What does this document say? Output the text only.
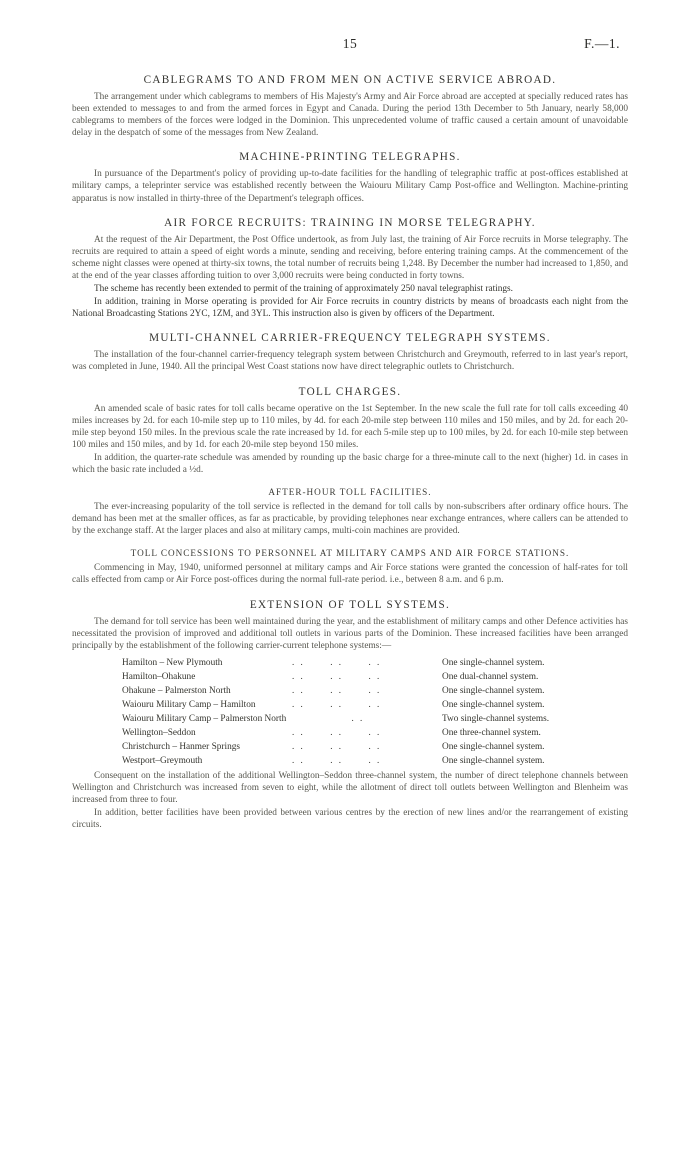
15	F.—1.
CABLEGRAMS TO AND FROM MEN ON ACTIVE SERVICE ABROAD.

The arrangement under which cablegrams to members of His Majesty's Army and Air Force abroad are accepted at specially reduced rates has been extended to messages to and from the armed forces in Egypt and Canada. During the period 13th December to 5th January, nearly 58,000 cablegrams to members of the forces were lodged in the Dominion. This unprecedented volume of traffic caused a certain amount of unavoidable delay in the despatch of some of the messages from New Zealand.

MACHINE-PRINTING TELEGRAPHS.

In pursuance of the Department's policy of providing up-to-date facilities for the handling of telegraphic traffic at post-offices established at military camps, a teleprinter service was established recently between the Waiouru Military Camp Post-office and Wellington. Machine-printing apparatus is now installed in thirty-three of the Department's telegraph offices.

AIR FORCE RECRUITS: TRAINING IN MORSE TELEGRAPHY.

At the request of the Air Department, the Post Office undertook, as from July last, the training of Air Force recruits in Morse telegraphy. The recruits are required to attain a speed of eight words a minute, sending and receiving, before entering training camps. At the commencement of the scheme night classes were opened at thirty-six towns, the total number of recruits being 1,248. By December the number had increased to 1,850, and at the end of the year classes affording tuition to over 3,000 recruits were being conducted in forty towns.

The scheme has recently been extended to permit of the training of approximately 250 naval telegraphist ratings.

In addition, training in Morse operating is provided for Air Force recruits in country districts by means of broadcasts each night from the National Broadcasting Stations 2YC, 1ZM, and 3YL. This instruction also is given by officers of the Department.

MULTI-CHANNEL CARRIER-FREQUENCY TELEGRAPH SYSTEMS.

The installation of the four-channel carrier-frequency telegraph system between Christchurch and Greymouth, referred to in last year's report, was completed in June, 1940. All the principal West Coast stations now have direct telegraphic outlets to Christchurch.

TOLL CHARGES.

An amended scale of basic rates for toll calls became operative on the 1st September. In the new scale the full rate for toll calls exceeding 40 miles increases by 2d. for each 10-mile step up to 110 miles, by 4d. for each 20-mile step between 110 miles and 150 miles, and by 2d. for each 20-mile step beyond 150 miles. In the previous scale the rate increased by 1d. for each 5-mile step up to 100 miles, by 2d. for each 10-mile step between 100 miles and 150 miles, and by 1d. for each 20-mile step beyond 150 miles.

In addition, the quarter-rate schedule was amended by rounding up the basic charge for a three-minute call to the next (higher) 1d. in cases in which the basic rate included a ½d.

AFTER-HOUR TOLL FACILITIES.

The ever-increasing popularity of the toll service is reflected in the demand for toll calls by non-subscribers after ordinary office hours. The demand has been met at the smaller offices, as far as practicable, by providing telephones near exchange entrances, where callers can be attended to by the exchange staff. At the larger places and also at military camps, multi-coin machines are provided.

TOLL CONCESSIONS TO PERSONNEL AT MILITARY CAMPS AND AIR FORCE STATIONS.

Commencing in May, 1940, uniformed personnel at military camps and Air Force stations were granted the concession of half-rates for toll calls effected from camp or Air Force post-offices during the normal full-rate period. i.e., between 8 a.m. and 6 p.m.

EXTENSION OF TOLL SYSTEMS.

The demand for toll service has been well maintained during the year, and the establishment of military camps and other Defence activities has necessitated the provision of improved and additional toll outlets in various parts of the Dominion. These increased facilities have been arranged principally by the establishment of the following carrier-current telephone systems:—

Hamilton – New Plymouth	. .      . .      . .	One single-channel system.
Hamilton–Ohakune	. .      . .      . .	One dual-channel system.
Ohakune – Palmerston North	. .      . .      . .	One single-channel system.
Waiouru Military Camp – Hamilton	. .      . .      . .	One single-channel system.
Waiouru Military Camp – Palmerston North	. .	Two single-channel systems.
Wellington–Seddon	. .      . .      . .	One three-channel system.
Christchurch – Hanmer Springs	. .      . .      . .	One single-channel system.
Westport–Greymouth	. .      . .      . .	One single-channel system.

Consequent on the installation of the additional Wellington–Seddon three-channel system, the number of direct telephone channels between Wellington and Christchurch was increased from seven to eight, while the allotment of direct toll outlets between Wellington and Blenheim was increased from three to four.

In addition, better facilities have been provided between various centres by the erection of new lines and/or the rearrangement of existing circuits.
